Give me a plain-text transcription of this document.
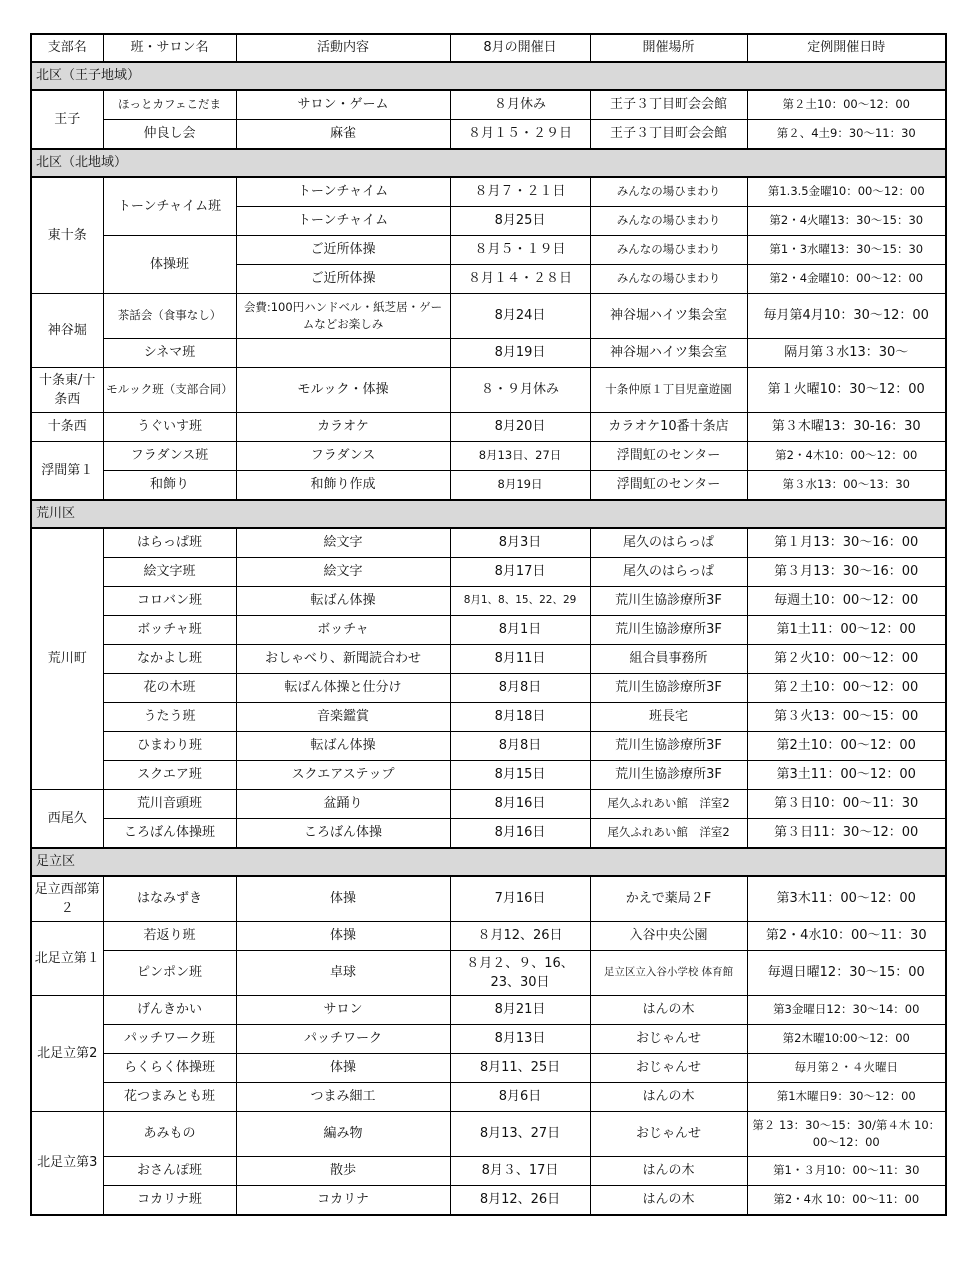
支部名	班・サロン名	活動内容	8月の開催日	開催場所	定例開催日時
北区（王子地域）					
王子	ほっとカフェこだま	サロン・ゲーム	８月休み	王子３丁目町会会館	第２土10：00～12：00
	仲良し会	麻雀	８月１５・２９日	王子３丁目町会会館	第２、4土9：30～11：30
北区（北地域）					
東十条	トーンチャイム班	トーンチャイム	８月７・２１日	みんなの場ひまわり	第1.3.5金曜10：00～12：00
		トーンチャイム	8月25日	みんなの場ひまわり	第2・4火曜13：30～15：30
	体操班	ご近所体操	８月５・１９日	みんなの場ひまわり	第1・3水曜13：30～15：30
		ご近所体操	８月１４・２８日	みんなの場ひまわり	第2・4金曜10：00～12：00
神谷堀	茶話会（食事なし）	会費:100円ハンドベル・紙芝居・ゲームなどお楽しみ	8月24日	神谷堀ハイツ集会室	毎月第4月10：30～12：00
	シネマ班		8月19日	神谷堀ハイツ集会室	隔月第３水13：30～
十条東/十条西	モルック班（支部合同）	モルック・体操	８・９月休み	十条仲原１丁目児童遊園	第１火曜10：30～12：00
十条西	うぐいす班	カラオケ	8月20日	カラオケ10番十条店	第３木曜13：30-16：30
浮間第１	フラダンス班	フラダンス	8月13日、27日	浮間虹のセンター	第2・4木10：00～12：00
	和飾り	和飾り作成	8月19日	浮間虹のセンター	第３水13：00～13：30
荒川区					
荒川町	はらっぱ班	絵文字	8月3日	尾久のはらっぱ	第１月13：30～16：00
	絵文字班	絵文字	8月17日	尾久のはらっぱ	第３月13：30～16：00
	コロバン班	転ばん体操	8月1、8、15、22、29	荒川生協診療所3F	毎週土10：00～12：00
	ボッチャ班	ボッチャ	8月1日	荒川生協診療所3F	第1土11：00～12：00
	なかよし班	おしゃべり、新聞読合わせ	8月11日	組合員事務所	第２火10：00～12：00
	花の木班	転ばん体操と仕分け	8月8日	荒川生協診療所3F	第２土10：00～12：00
	うたう班	音楽鑑賞	8月18日	班長宅	第３火13：00～15：00
	ひまわり班	転ばん体操	8月8日	荒川生協診療所3F	第2土10：00～12：00
	スクエア班	スクエアステップ	8月15日	荒川生協診療所3F	第3土11：00～12：00
西尾久	荒川音頭班	盆踊り	8月16日	尾久ふれあい館　洋室2	第３日10：00～11：30
	ころばん体操班	ころばん体操	8月16日	尾久ふれあい館　洋室2	第３日11：30～12：00
足立区					
足立西部第２	はなみずき	体操	7月16日	かえで薬局２F	第3木11：00～12：00
北足立第１	若返り班	体操	８月12、26日	入谷中央公園	第2・4水10：00～11：30
	ピンポン班	卓球	８月２、９、16、23、30日	足立区立入谷小学校 体育館	毎週日曜12：30～15：00
北足立第2	げんきかい	サロン	8月21日	はんの木	第3金曜日12：30～14：00
	パッチワーク班	パッチワーク	8月13日	おじゃんせ	第2木曜10:00～12：00
	らくらく体操班	体操	8月11、25日	おじゃんせ	毎月第２・４火曜日
	花つまみとも班	つまみ細工	8月6日	はんの木	第1木曜日9：30～12：00
北足立第3	あみもの	編み物	8月13、27日	おじゃんせ	第２ 13：30～15：30/第４木 10：00～12：00
	おさんぽ班	散歩	8月３、17日	はんの木	第1・３月10：00～11：30
	コカリナ班	コカリナ	8月12、26日	はんの木	第2・4水 10：00～11：00
